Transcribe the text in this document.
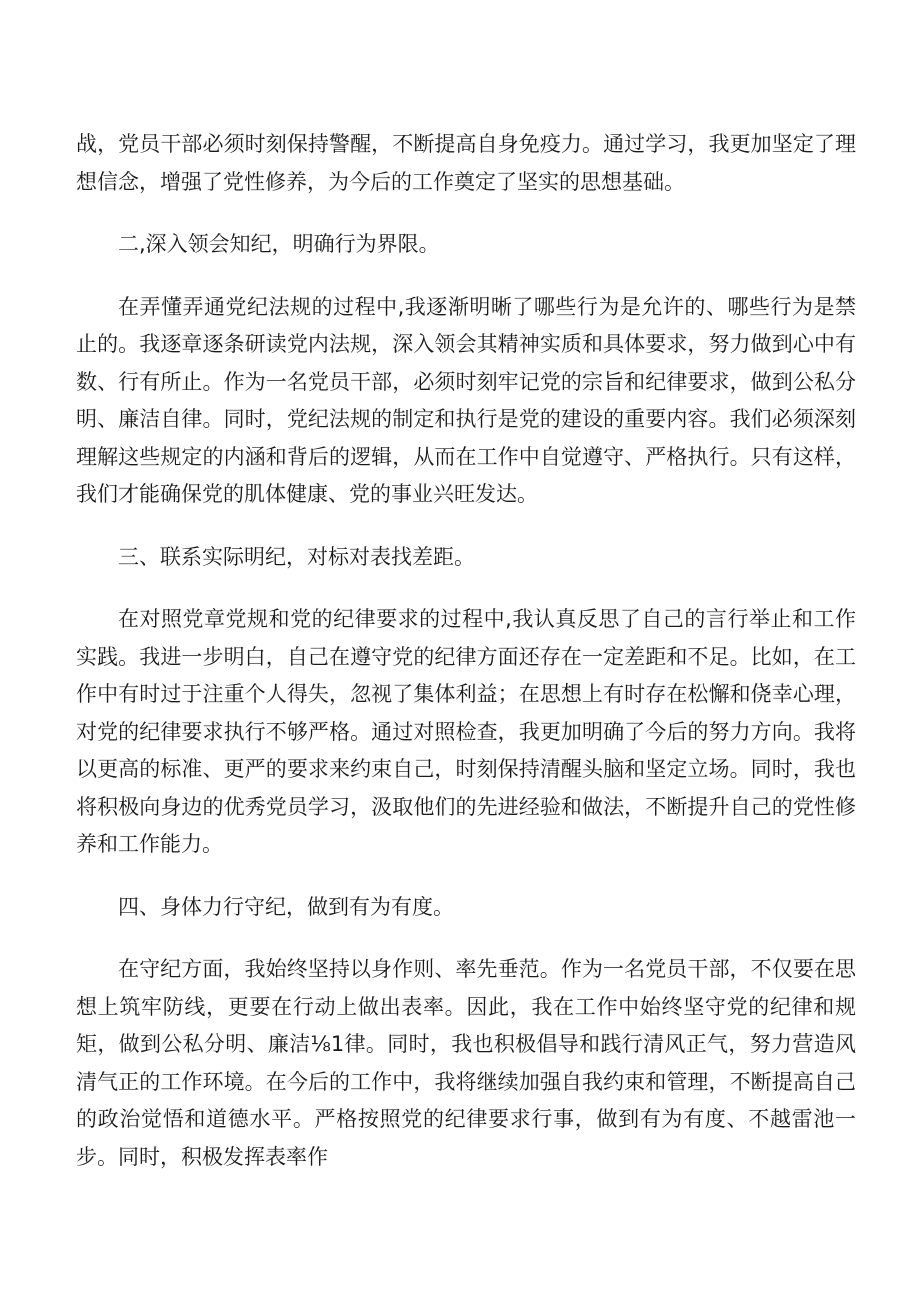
战，党员干部必须时刻保持警醒，不断提高自身免疫力。通过学习，我更加坚定了理想信念，增强了党性修养，为今后的工作奠定了坚实的思想基础。

二,深入领会知纪，明确行为界限。

在弄懂弄通党纪法规的过程中,我逐渐明晰了哪些行为是允许的、哪些行为是禁止的。我逐章逐条研读党内法规，深入领会其精神实质和具体要求，努力做到心中有数、行有所止。作为一名党员干部，必须时刻牢记党的宗旨和纪律要求，做到公私分明、廉洁自律。同时，党纪法规的制定和执行是党的建设的重要内容。我们必须深刻理解这些规定的内涵和背后的逻辑，从而在工作中自觉遵守、严格执行。只有这样，我们才能确保党的肌体健康、党的事业兴旺发达。

三、联系实际明纪，对标对表找差距。

在对照党章党规和党的纪律要求的过程中,我认真反思了自己的言行举止和工作实践。我进一步明白，自己在遵守党的纪律方面还存在一定差距和不足。比如，在工作中有时过于注重个人得失，忽视了集体利益；在思想上有时存在松懈和侥幸心理，对党的纪律要求执行不够严格。通过对照检查，我更加明确了今后的努力方向。我将以更高的标准、更严的要求来约束自己，时刻保持清醒头脑和坚定立场。同时，我也将积极向身边的优秀党员学习，汲取他们的先进经验和做法，不断提升自己的党性修养和工作能力。

四、身体力行守纪，做到有为有度。

在守纪方面，我始终坚持以身作则、率先垂范。作为一名党员干部，不仅要在思想上筑牢防线，更要在行动上做出表率。因此，我在工作中始终坚守党的纪律和规矩，做到公私分明、廉洁⅛1律。同时，我也积极倡导和践行清风正气，努力营造风清气正的工作环境。在今后的工作中，我将继续加强自我约束和管理，不断提高自己的政治觉悟和道德水平。严格按照党的纪律要求行事，做到有为有度、不越雷池一步。同时，积极发挥表率作
